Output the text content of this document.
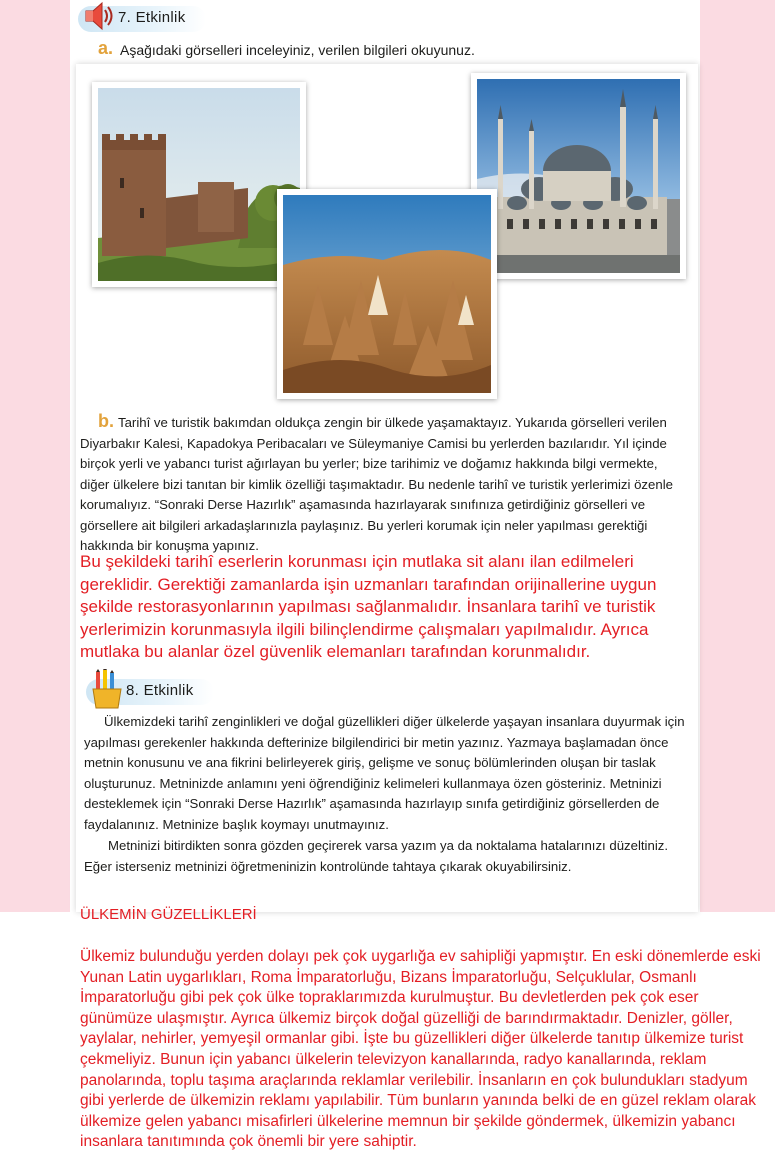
7. Etkinlik
a. Aşağıdaki görselleri inceleyiniz, verilen bilgileri okuyunuz.
b. Tarihî ve turistik bakımdan oldukça zengin bir ülkede yaşamaktayız. Yukarıda görselleri verilen Diyarbakır Kalesi, Kapadokya Peribacaları ve Süleymaniye Camisi bu yerlerden bazılarıdır. Yıl içinde birçok yerli ve yabancı turist ağırlayan bu yerler; bize tarihimiz ve doğamız hakkında bilgi vermekte, diğer ülkelere bizi tanıtan bir kimlik özelliği taşımaktadır. Bu nedenle tarihî ve turistik yerlerimizi özenle korumalıyız. “Sonraki Derse Hazırlık” aşamasında hazırlayarak sınıfınıza getirdiğiniz görselleri ve görsellere ait bilgileri arkadaşlarınızla paylaşınız. Bu yerleri korumak için neler yapılması gerektiği hakkında bir konuşma yapınız.
Bu şekildeki tarihî eserlerin korunması için mutlaka sit alanı ilan edilmeleri gereklidir. Gerektiği zamanlarda işin uzmanları tarafından orijinallerine uygun şekilde restorasyonlarının yapılması sağlanmalıdır. İnsanlara tarihî ve turistik yerlerimizin korunmasıyla ilgili bilinçlendirme çalışmaları yapılmalıdır. Ayrıca mutlaka bu alanlar özel güvenlik elemanları tarafından korunmalıdır.
8. Etkinlik
Ülkemizdeki tarihî zenginlikleri ve doğal güzellikleri diğer ülkelerde yaşayan insanlara duyurmak için yapılması gerekenler hakkında defterinize bilgilendirici bir metin yazınız. Yazmaya başlamadan önce metnin konusunu ve ana fikrini belirleyerek giriş, gelişme ve sonuç bölümlerinden oluşan bir taslak oluşturunuz. Metninizde anlamını yeni öğrendiğiniz kelimeleri kullanmaya özen gösteriniz. Metninizi desteklemek için “Sonraki Derse Hazırlık” aşamasında hazırlayıp sınıfa getirdiğiniz görsellerden de faydalanınız. Metninize başlık koymayı unutmayınız.
Metninizi bitirdikten sonra gözden geçirerek varsa yazım ya da noktalama hatalarınızı düzeltiniz. Eğer isterseniz metninizi öğretmeninizin kontrolünde tahtaya çıkarak okuyabilirsiniz.
ÜLKEMİN GÜZELLİKLERİ
Ülkemiz bulunduğu yerden dolayı pek çok uygarlığa ev sahipliği yapmıştır. En eski dönemlerde eski Yunan Latin uygarlıkları, Roma İmparatorluğu, Bizans İmparatorluğu, Selçuklular, Osmanlı İmparatorluğu gibi pek çok ülke topraklarımızda kurulmuştur. Bu devletlerden pek çok eser günümüze ulaşmıştır. Ayrıca ülkemiz birçok doğal güzelliği de barındırmaktadır. Denizler, göller, yaylalar, nehirler, yemyeşil ormanlar gibi. İşte bu güzellikleri diğer ülkelerde tanıtıp ülkemize turist çekmeliyiz. Bunun için yabancı ülkelerin televizyon kanallarında, radyo kanallarında, reklam panolarında, toplu taşıma araçlarında reklamlar verilebilir. İnsanların en çok bulundukları stadyum gibi yerlerde de ülkemizin reklamı yapılabilir. Tüm bunların yanında belki de en güzel reklam olarak ülkemize gelen yabancı misafirleri ülkelerine memnun bir şekilde göndermek, ülkemizin yabancı insanlara tanıtımında çok önemli bir yere sahiptir.
